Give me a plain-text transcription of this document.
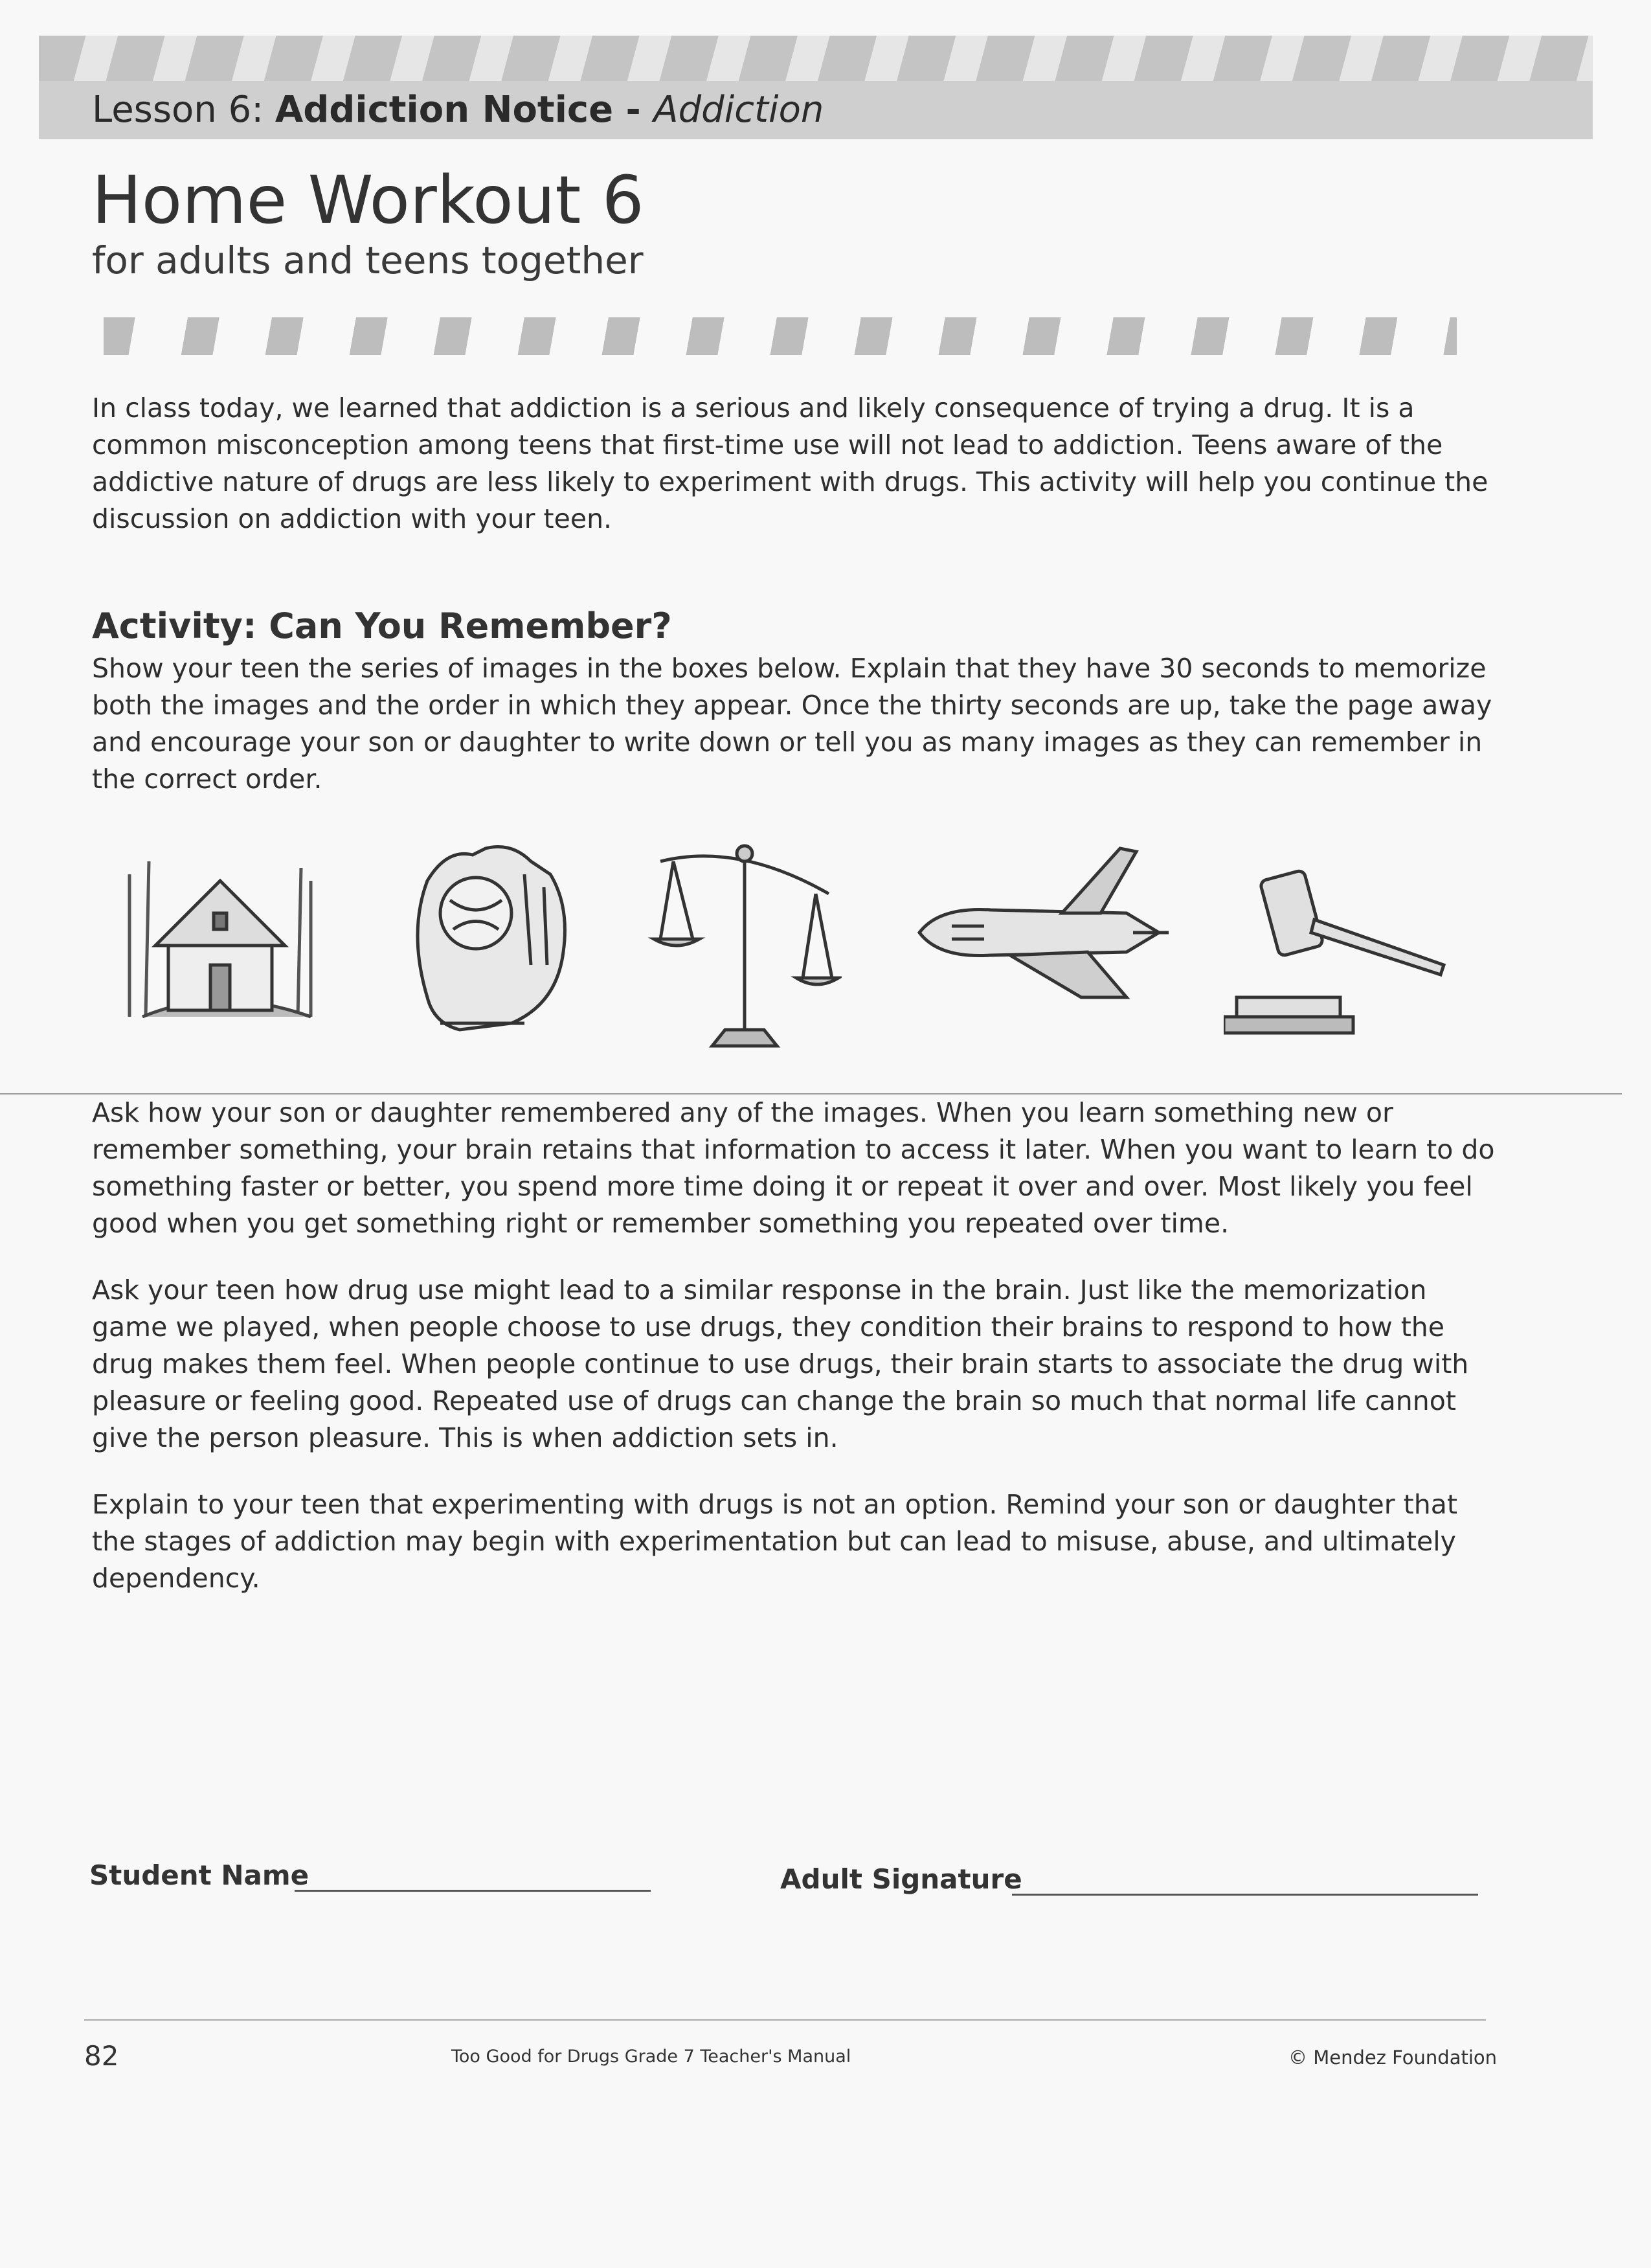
Lesson 6: Addiction Notice - Addiction
Home Workout 6
for adults and teens together

In class today, we learned that addiction is a serious and likely consequence of trying a drug. It is a common misconception among teens that first-time use will not lead to addiction. Teens aware of the addictive nature of drugs are less likely to experiment with drugs. This activity will help you continue the discussion on addiction with your teen.

Activity: Can You Remember?

Show your teen the series of images in the boxes below. Explain that they have 30 seconds to memorize both the images and the order in which they appear. Once the thirty seconds are up, take the page away and encourage your son or daughter to write down or tell you as many images as they can remember in the correct order.

Ask how your son or daughter remembered any of the images. When you learn something new or remember something, your brain retains that information to access it later. When you want to learn to do something faster or better, you spend more time doing it or repeat it over and over. Most likely you feel good when you get something right or remember something you repeated over time.

Ask your teen how drug use might lead to a similar response in the brain. Just like the memorization game we played, when people choose to use drugs, they condition their brains to respond to how the drug makes them feel. When people continue to use drugs, their brain starts to associate the drug with pleasure or feeling good. Repeated use of drugs can change the brain so much that normal life cannot give the person pleasure. This is when addiction sets in.

Explain to your teen that experimenting with drugs is not an option. Remind your son or daughter that the stages of addiction may begin with experimentation but can lead to misuse, abuse, and ultimately dependency.

Student Name	Adult Signature
82	Too Good for Drugs Grade 7 Teacher's Manual	© Mendez Foundation
